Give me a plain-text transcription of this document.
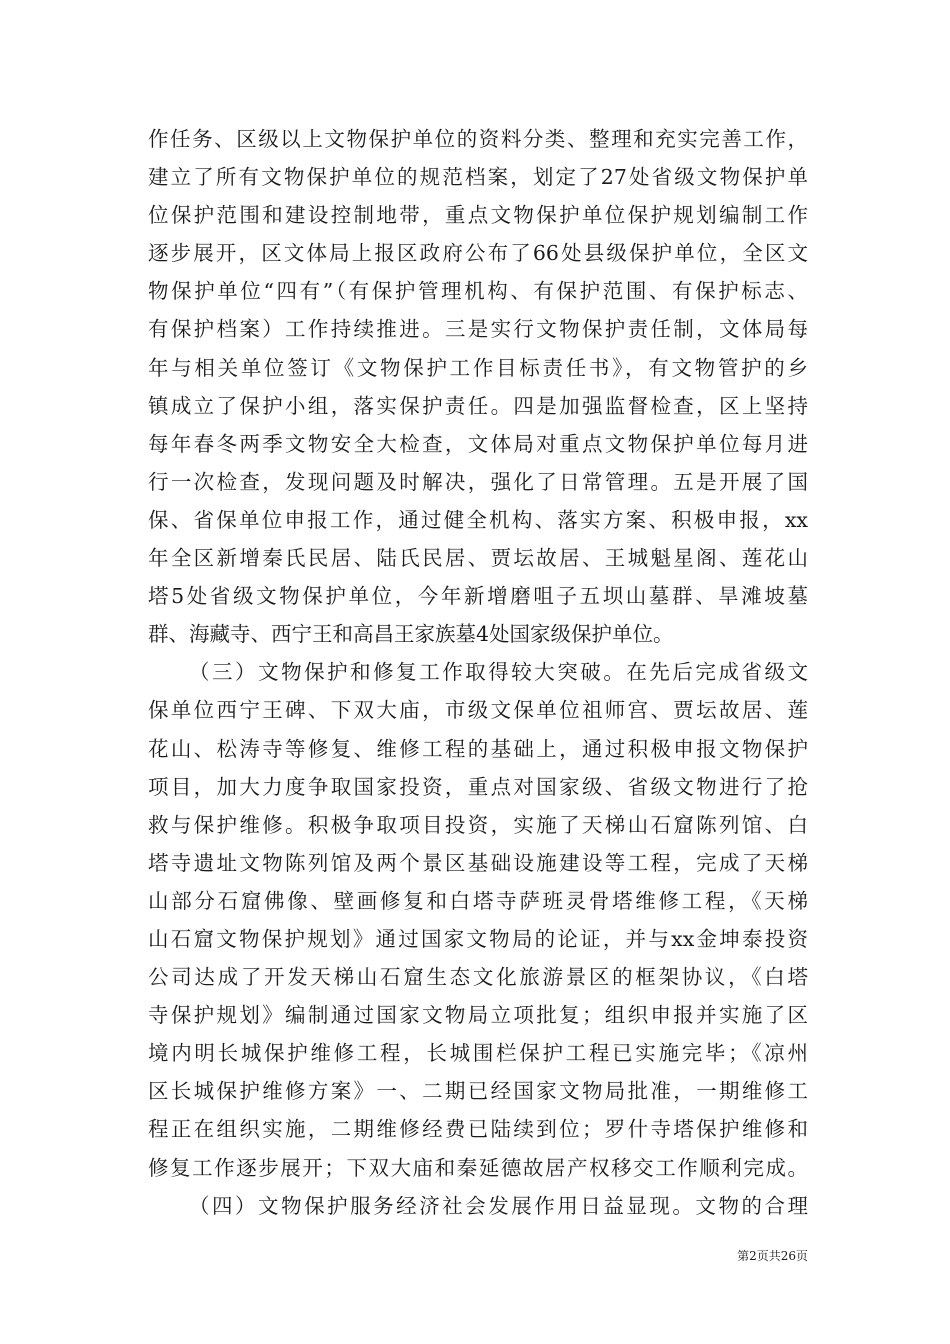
作任务、区级以上文物保护单位的资料分类、整理和充实完善工作，
建立了所有文物保护单位的规范档案，划定了27处省级文物保护单
位保护范围和建设控制地带，重点文物保护单位保护规划编制工作
逐步展开，区文体局上报区政府公布了66处县级保护单位，全区文
物保护单位“四有”（有保护管理机构、有保护范围、有保护标志、
有保护档案）工作持续推进。三是实行文物保护责任制，文体局每
年与相关单位签订《文物保护工作目标责任书》，有文物管护的乡
镇成立了保护小组，落实保护责任。四是加强监督检查，区上坚持
每年春冬两季文物安全大检查，文体局对重点文物保护单位每月进
行一次检查，发现问题及时解决，强化了日常管理。五是开展了国
保、省保单位申报工作，通过健全机构、落实方案、积极申报，xx
年全区新增秦氏民居、陆氏民居、贾坛故居、王城魁星阁、莲花山
塔5处省级文物保护单位，今年新增磨咀子五坝山墓群、旱滩坡墓
群、海藏寺、西宁王和高昌王家族墓4处国家级保护单位。
（三）文物保护和修复工作取得较大突破。在先后完成省级文
保单位西宁王碑、下双大庙，市级文保单位祖师宫、贾坛故居、莲
花山、松涛寺等修复、维修工程的基础上，通过积极申报文物保护
项目，加大力度争取国家投资，重点对国家级、省级文物进行了抢
救与保护维修。积极争取项目投资，实施了天梯山石窟陈列馆、白
塔寺遗址文物陈列馆及两个景区基础设施建设等工程，完成了天梯
山部分石窟佛像、壁画修复和白塔寺萨班灵骨塔维修工程，《天梯
山石窟文物保护规划》通过国家文物局的论证，并与xx金坤泰投资
公司达成了开发天梯山石窟生态文化旅游景区的框架协议，《白塔
寺保护规划》编制通过国家文物局立项批复；组织申报并实施了区
境内明长城保护维修工程，长城围栏保护工程已实施完毕；《凉州
区长城保护维修方案》一、二期已经国家文物局批准，一期维修工
程正在组织实施，二期维修经费已陆续到位；罗什寺塔保护维修和
修复工作逐步展开；下双大庙和秦延德故居产权移交工作顺利完成。
（四）文物保护服务经济社会发展作用日益显现。文物的合理
第2页共26页
